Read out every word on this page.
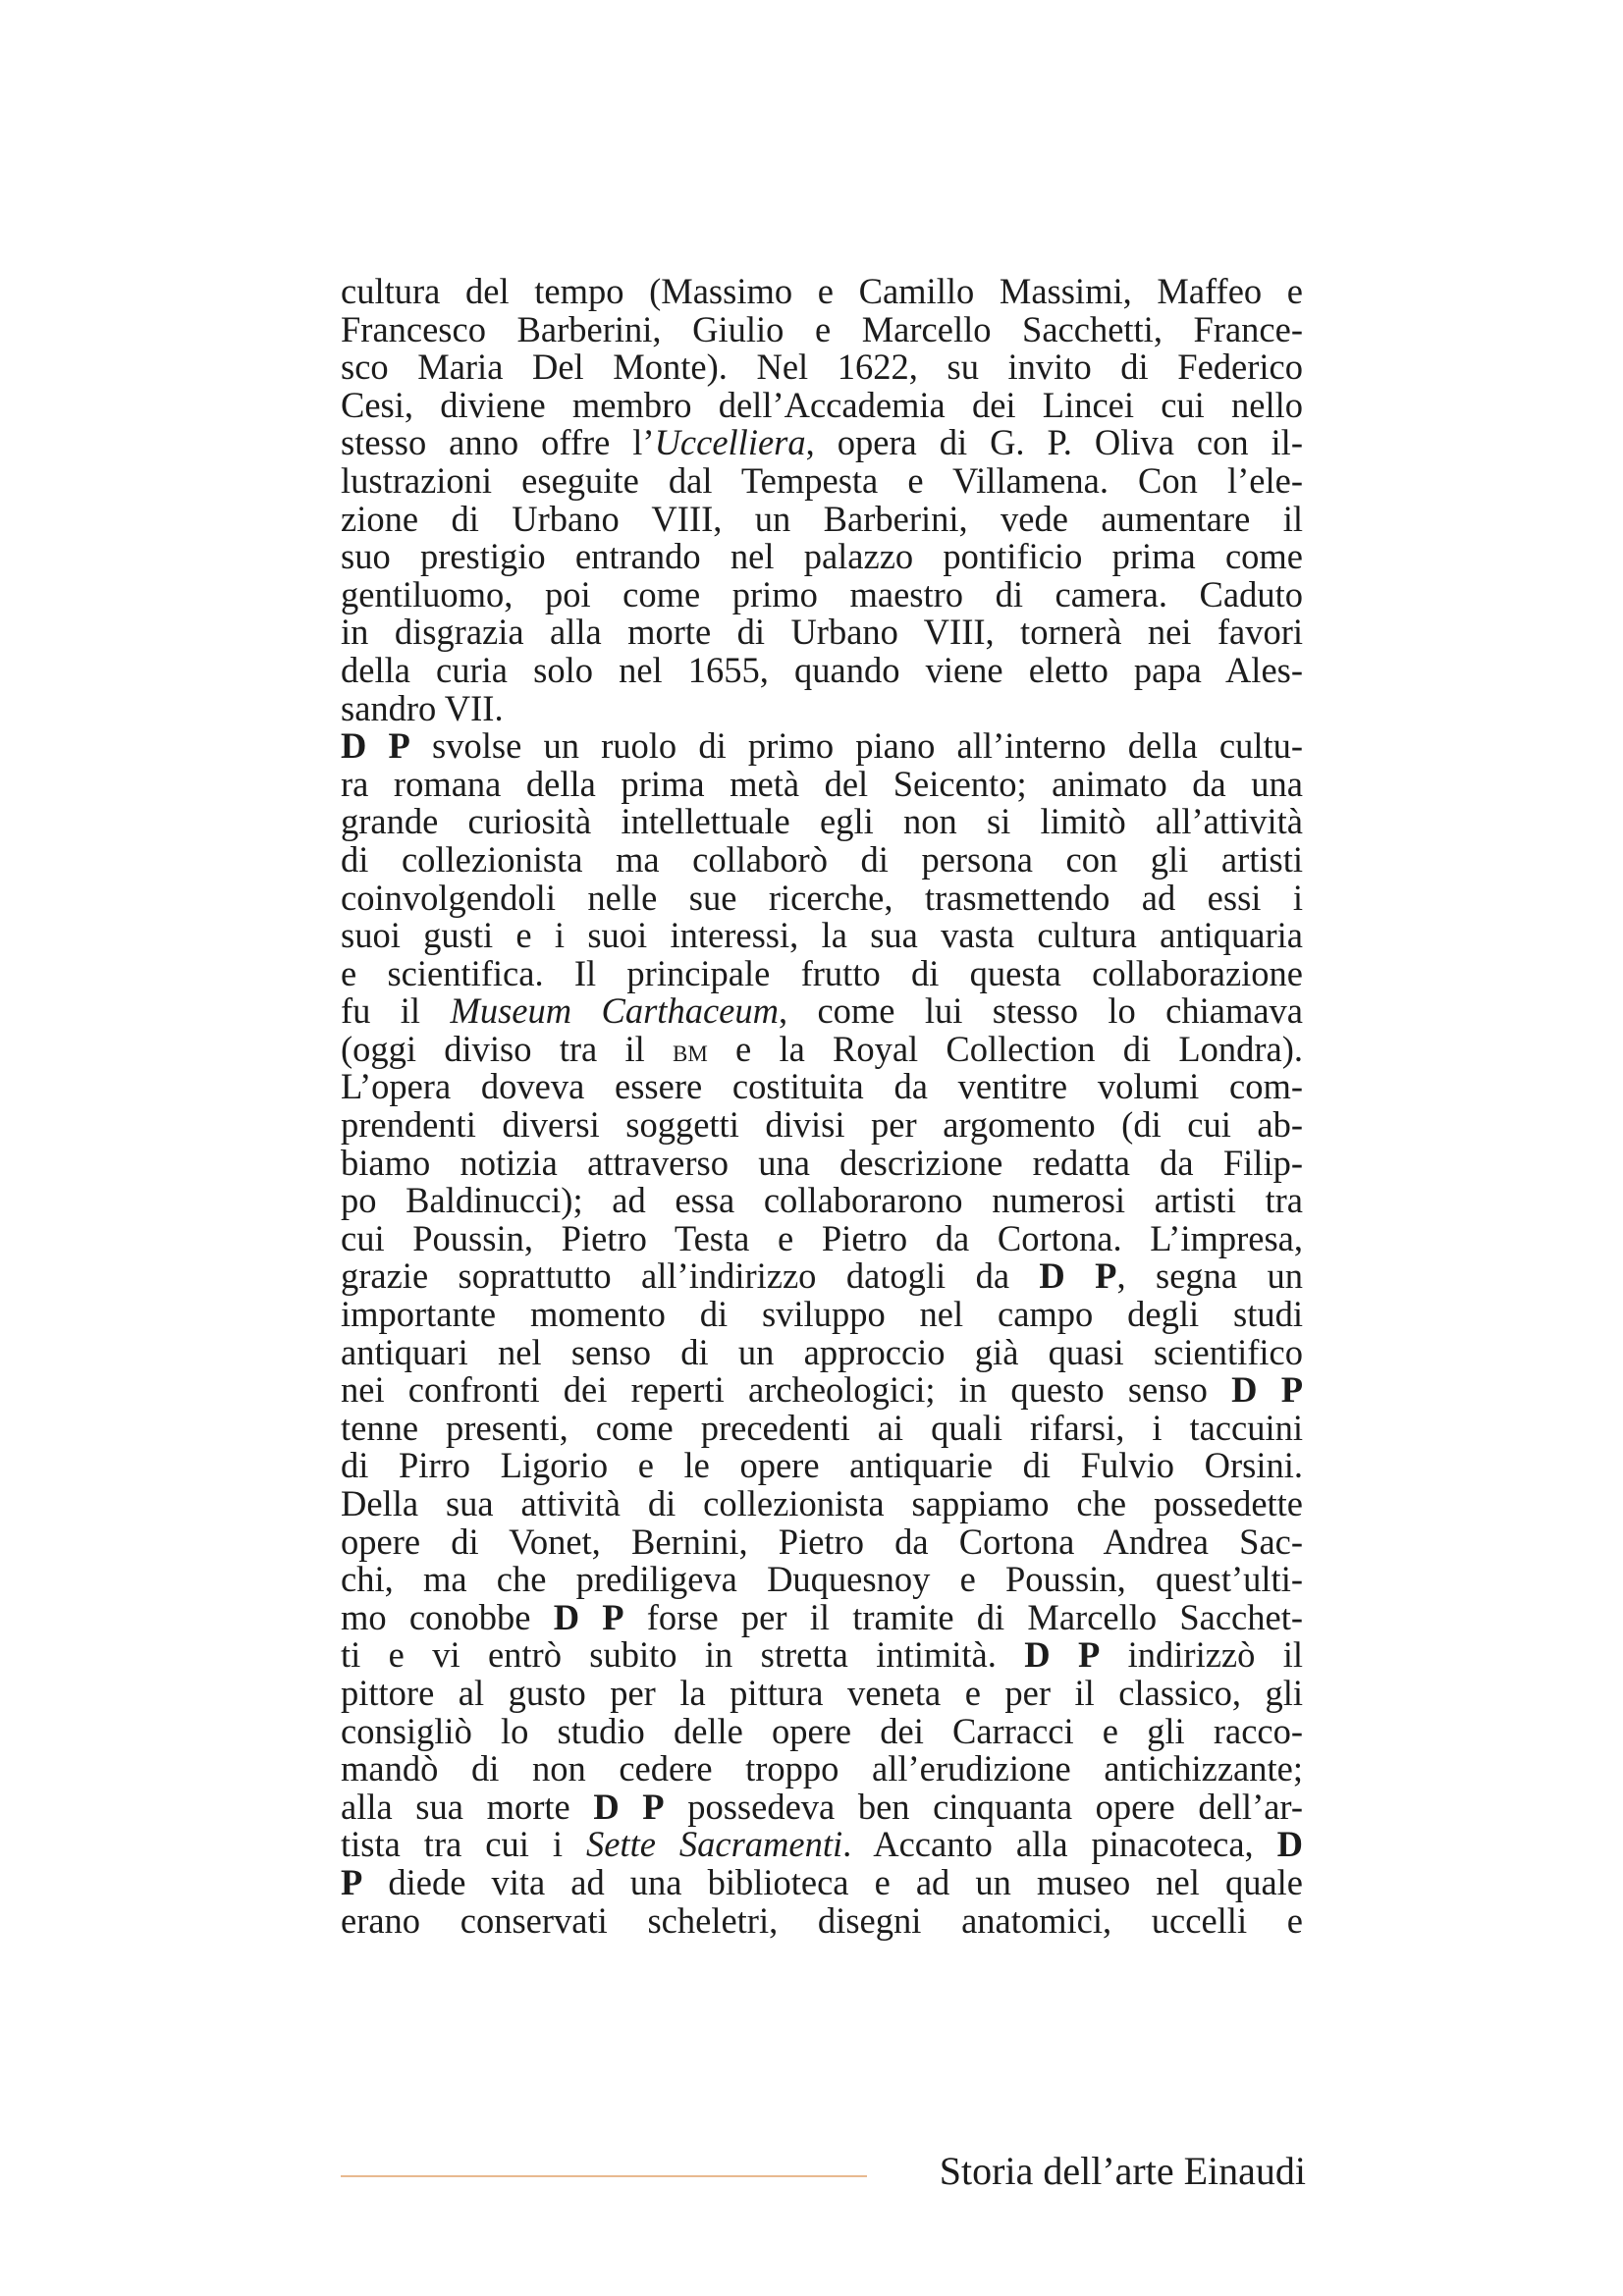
cultura del tempo (Massimo e Camillo Massimi, Maffeo e
Francesco Barberini, Giulio e Marcello Sacchetti, France-
sco Maria Del Monte). Nel 1622, su invito di Federico
Cesi, diviene membro dell’Accademia dei Lincei cui nello
stesso anno offre l’Uccelliera, opera di G. P. Oliva con il-
lustrazioni eseguite dal Tempesta e Villamena. Con l’ele-
zione di Urbano VIII, un Barberini, vede aumentare il
suo prestigio entrando nel palazzo pontificio prima come
gentiluomo, poi come primo maestro di camera. Caduto
in disgrazia alla morte di Urbano VIII, tornerà nei favori
della curia solo nel 1655, quando viene eletto papa Ales-
sandro VII.
D P svolse un ruolo di primo piano all’interno della cultu-
ra romana della prima metà del Seicento; animato da una
grande curiosità intellettuale egli non si limitò all’attività
di collezionista ma collaborò di persona con gli artisti
coinvolgendoli nelle sue ricerche, trasmettendo ad essi i
suoi gusti e i suoi interessi, la sua vasta cultura antiquaria
e scientifica. Il principale frutto di questa collaborazione
fu il Museum Carthaceum, come lui stesso lo chiamava
(oggi diviso tra il bm e la Royal Collection di Londra).
L’opera doveva essere costituita da ventitre volumi com-
prendenti diversi soggetti divisi per argomento (di cui ab-
biamo notizia attraverso una descrizione redatta da Filip-
po Baldinucci); ad essa collaborarono numerosi artisti tra
cui Poussin, Pietro Testa e Pietro da Cortona. L’impresa,
grazie soprattutto all’indirizzo datogli da D P, segna un
importante momento di sviluppo nel campo degli studi
antiquari nel senso di un approccio già quasi scientifico
nei confronti dei reperti archeologici; in questo senso D P
tenne presenti, come precedenti ai quali rifarsi, i taccuini
di Pirro Ligorio e le opere antiquarie di Fulvio Orsini.
Della sua attività di collezionista sappiamo che possedette
opere di Vonet, Bernini, Pietro da Cortona Andrea Sac-
chi, ma che prediligeva Duquesnoy e Poussin, quest’ulti-
mo conobbe D P forse per il tramite di Marcello Sacchet-
ti e vi entrò subito in stretta intimità. D P indirizzò il
pittore al gusto per la pittura veneta e per il classico, gli
consigliò lo studio delle opere dei Carracci e gli racco-
mandò di non cedere troppo all’erudizione antichizzante;
alla sua morte D P possedeva ben cinquanta opere dell’ar-
tista tra cui i Sette Sacramenti. Accanto alla pinacoteca, D
P diede vita ad una biblioteca e ad un museo nel quale
erano conservati scheletri, disegni anatomici, uccelli e
Storia dell’arte Einaudi
